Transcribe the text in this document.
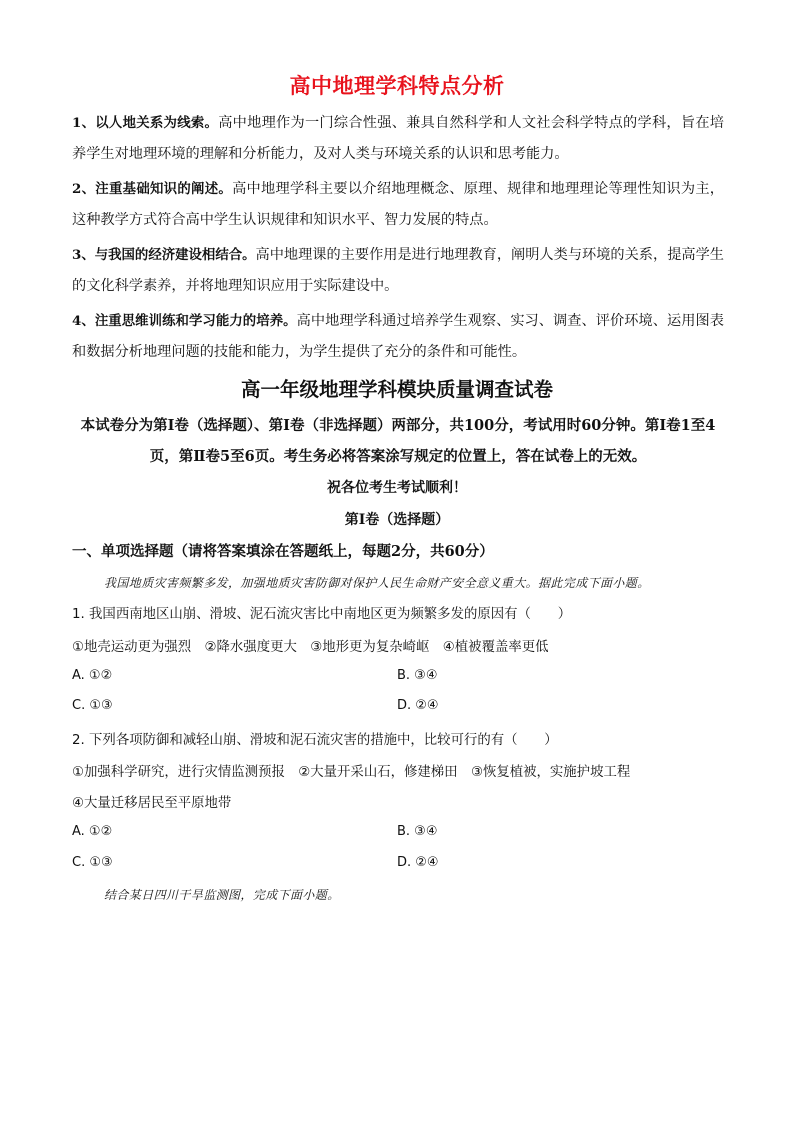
高中地理学科特点分析

1、以人地关系为线索。高中地理作为一门综合性强、兼具自然科学和人文社会科学特点的学科，旨在培养学生对地理环境的理解和分析能力，及对人类与环境关系的认识和思考能力。

2、注重基础知识的阐述。高中地理学科主要以介绍地理概念、原理、规律和地理理论等理性知识为主，这种教学方式符合高中学生认识规律和知识水平、智力发展的特点。

3、与我国的经济建设相结合。高中地理课的主要作用是进行地理教育，阐明人类与环境的关系，提高学生的文化科学素养，并将地理知识应用于实际建设中。

4、注重思维训练和学习能力的培养。高中地理学科通过培养学生观察、实习、调查、评价环境、运用图表和数据分析地理问题的技能和能力，为学生提供了充分的条件和可能性。

高一年级地理学科模块质量调查试卷
本试卷分为第Ⅰ卷（选择题）、第Ⅰ卷（非选择题）两部分，共100分，考试用时60分钟。第Ⅰ卷1至4页，第Ⅱ卷5至6页。考生务必将答案涂写规定的位置上，答在试卷上的无效。
祝各位考生考试顺利！
第Ⅰ卷（选择题）
一、单项选择题（请将答案填涂在答题纸上，每题2分，共60分）
我国地质灾害频繁多发，加强地质灾害防御对保护人民生命财产安全意义重大。据此完成下面小题。
1. 我国西南地区山崩、滑坡、泥石流灾害比中南地区更为频繁多发的原因有（　　）
①地壳运动更为强烈　②降水强度更大　③地形更为复杂崎岖　④植被覆盖率更低
A. ①②	B. ③④
C. ①③	D. ②④
2. 下列各项防御和减轻山崩、滑坡和泥石流灾害的措施中，比较可行的有（　　）
①加强科学研究，进行灾情监测预报　②大量开采山石，修建梯田　③恢复植被，实施护坡工程
④大量迁移居民至平原地带
A. ①②	B. ③④
C. ①③	D. ②④
结合某日四川干旱监测图，完成下面小题。
